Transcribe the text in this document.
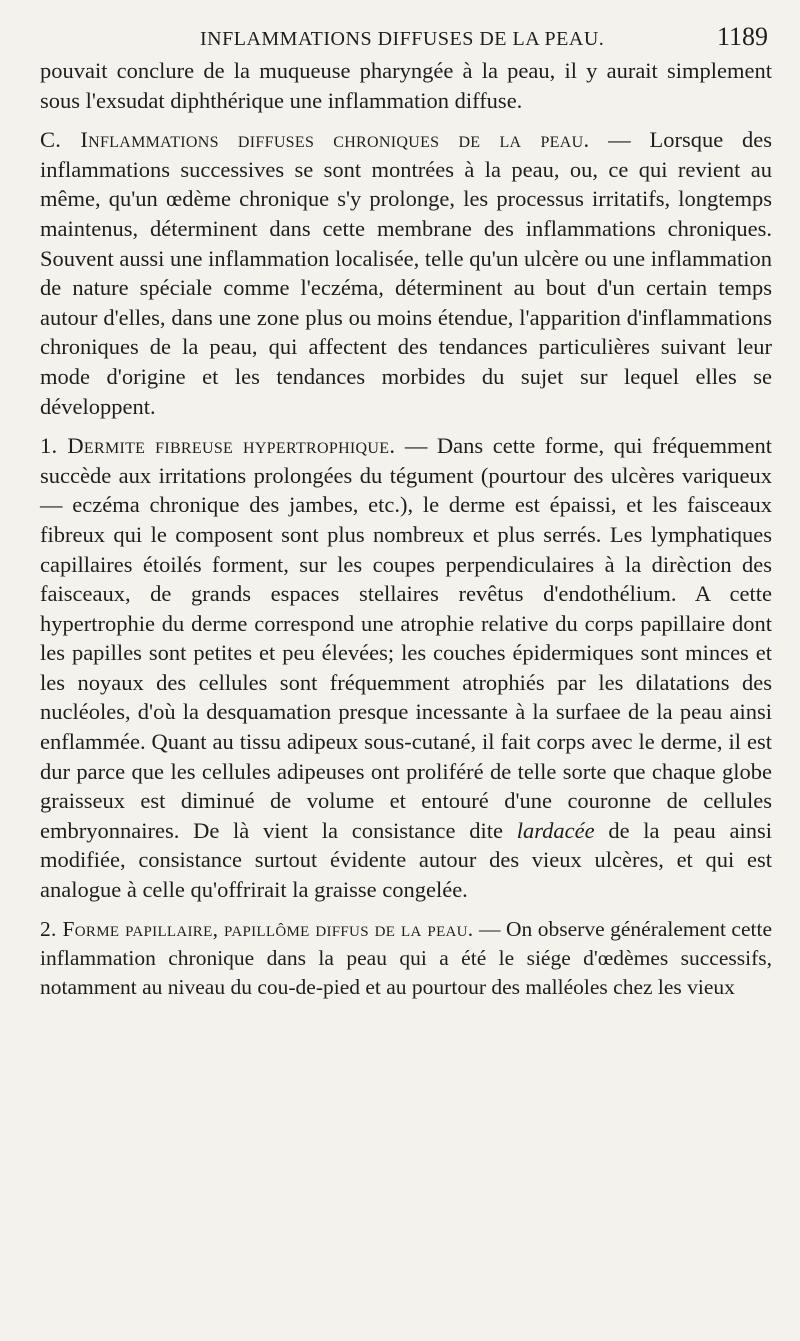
INFLAMMATIONS DIFFUSES DE LA PEAU.	1189

pouvait conclure de la muqueuse pharyngée à la peau, il y aurait simplement sous l'exsudat diphthérique une inflammation diffuse.

C. Inflammations diffuses chroniques de la peau. — Lorsque des inflammations successives se sont montrées à la peau, ou, ce qui revient au même, qu'un œdème chronique s'y prolonge, les processus irritatifs, longtemps maintenus, déterminent dans cette membrane des inflammations chroniques. Souvent aussi une inflammation localisée, telle qu'un ulcère ou une inflammation de nature spéciale comme l'eczéma, déterminent au bout d'un certain temps autour d'elles, dans une zone plus ou moins étendue, l'apparition d'inflammations chroniques de la peau, qui affectent des tendances particulières suivant leur mode d'origine et les tendances morbides du sujet sur lequel elles se développent.

1. Dermite fibreuse hypertrophique. — Dans cette forme, qui fréquemment succède aux irritations prolongées du tégument (pourtour des ulcères variqueux — eczéma chronique des jambes, etc.), le derme est épaissi, et les faisceaux fibreux qui le composent sont plus nombreux et plus serrés. Les lymphatiques capillaires étoilés forment, sur les coupes perpendiculaires à la dirèction des faisceaux, de grands espaces stellaires revêtus d'endothélium. A cette hypertrophie du derme correspond une atrophie relative du corps papillaire dont les papilles sont petites et peu élevées; les couches épidermiques sont minces et les noyaux des cellules sont fréquemment atrophiés par les dilatations des nucléoles, d'où la desquamation presque incessante à la surfaee de la peau ainsi enflammée. Quant au tissu adipeux sous-cutané, il fait corps avec le derme, il est dur parce que les cellules adipeuses ont proliféré de telle sorte que chaque globe graisseux est diminué de volume et entouré d'une couronne de cellules embryonnaires. De là vient la consistance dite lardacée de la peau ainsi modifiée, consistance surtout évidente autour des vieux ulcères, et qui est analogue à celle qu'offrirait la graisse congelée.

2. Forme papillaire, papillôme diffus de la peau. — On observe généralement cette inflammation chronique dans la peau qui a été le siége d'œdèmes successifs, notamment au niveau du cou-de-pied et au pourtour des malléoles chez les vieux
